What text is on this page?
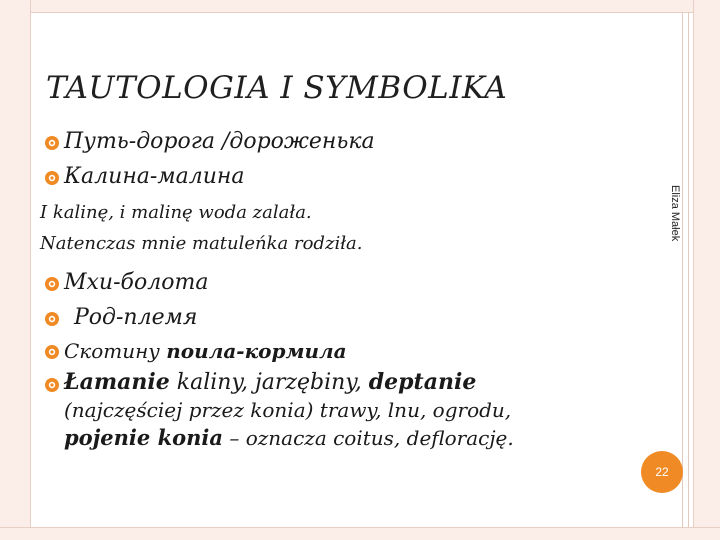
TAUTOLOGIA I SYMBOLIKA
Путь-дорога /дороженька
Калина-малина
I kalinę, i malinę woda zalała.
Natenczas mnie matuleńka rodziła.
Мхи-болота
Род-племя
Скотину поила-кормила
Łamanie kaliny, jarzębiny, deptanie
(najczęściej przez konia) trawy, lnu, ogrodu,
pojenie konia – oznacza coitus, deflorację.
Eliza Małek
22
